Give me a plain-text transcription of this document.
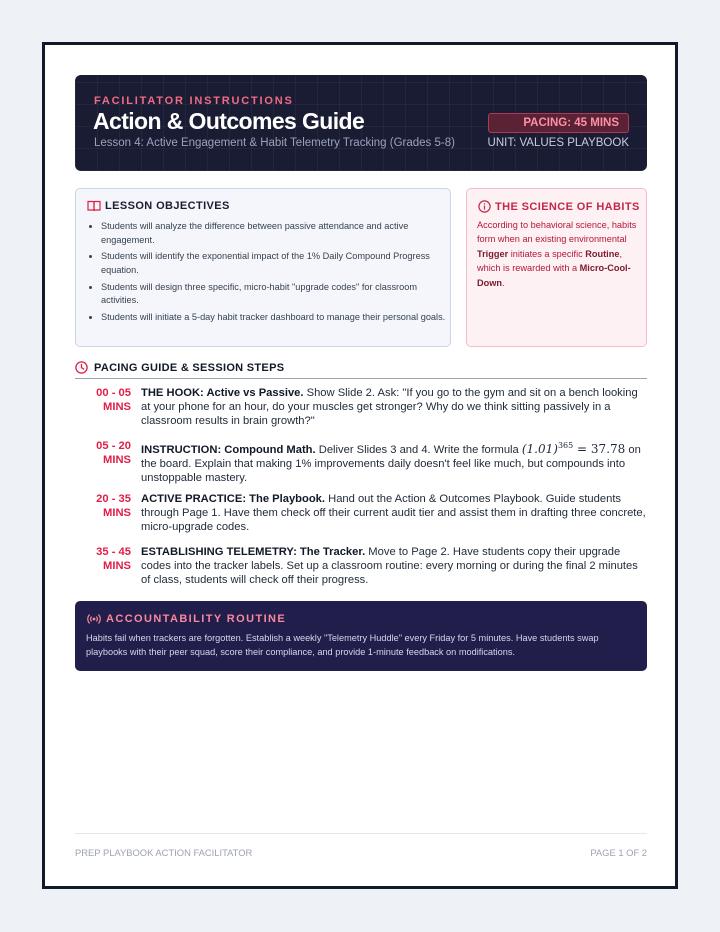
FACILITATOR INSTRUCTIONS
Action & Outcomes Guide
Lesson 4: Active Engagement & Habit Telemetry Tracking (Grades 5-8)
PACING: 45 MINS
UNIT: VALUES PLAYBOOK
LESSON OBJECTIVES
• Students will analyze the difference between passive attendance and active engagement.
• Students will identify the exponential impact of the 1% Daily Compound Progress equation.
• Students will design three specific, micro-habit "upgrade codes" for classroom activities.
• Students will initiate a 5-day habit tracker dashboard to manage their personal goals.
THE SCIENCE OF HABITS
According to behavioral science, habits form when an existing environmental Trigger initiates a specific Routine, which is rewarded with a Micro-Cool-Down.
PACING GUIDE & SESSION STEPS
00 - 05
MINS
THE HOOK: Active vs Passive. Show Slide 2. Ask: "If you go to the gym and sit on a bench looking at your phone for an hour, do your muscles get stronger? Why do we think sitting passively in a classroom results in brain growth?"
05 - 20
MINS
INSTRUCTION: Compound Math. Deliver Slides 3 and 4. Write the formula $(1.01)^{365} = 37.78$ on the board. Explain that making 1% improvements daily doesn't feel like much, but compounds into unstoppable mastery.
20 - 35
MINS
ACTIVE PRACTICE: The Playbook. Hand out the Action & Outcomes Playbook. Guide students through Page 1. Have them check off their current audit tier and assist them in drafting three concrete, micro-upgrade codes.
35 - 45
MINS
ESTABLISHING TELEMETRY: The Tracker. Move to Page 2. Have students copy their upgrade codes into the tracker labels. Set up a classroom routine: every morning or during the final 2 minutes of class, students will check off their progress.
ACCOUNTABILITY ROUTINE
Habits fail when trackers are forgotten. Establish a weekly "Telemetry Huddle" every Friday for 5 minutes. Have students swap playbooks with their peer squad, score their compliance, and provide 1-minute feedback on modifications.
PREP PLAYBOOK ACTION FACILITATOR	PAGE 1 OF 2
